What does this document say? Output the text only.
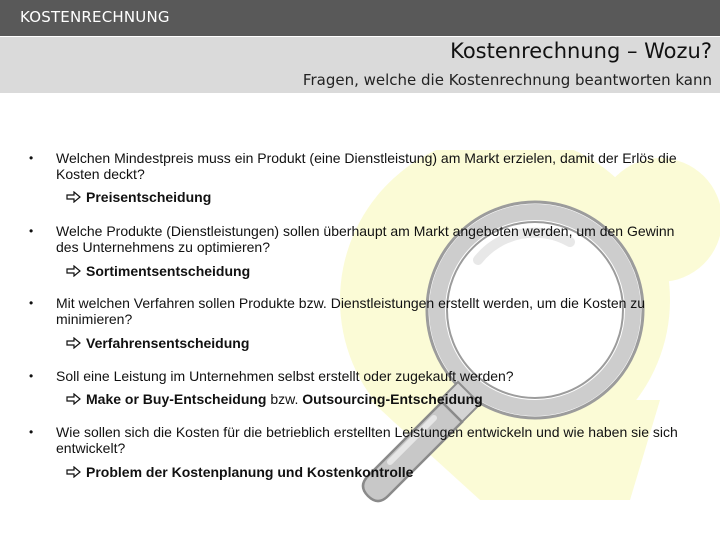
KOSTENRECHNUNG
Kostenrechnung – Wozu?
Fragen, welche die Kostenrechnung beantworten kann
• Welchen Mindestpreis muss ein Produkt (eine Dienstleistung) am Markt erzielen, damit der Erlös die Kosten deckt?
Preisentscheidung
• Welche Produkte (Dienstleistungen) sollen überhaupt am Markt angeboten werden, um den Gewinn des Unternehmens zu optimieren?
Sortimentsentscheidung
• Mit welchen Verfahren sollen Produkte bzw. Dienstleistungen erstellt werden, um die Kosten zu minimieren?
Verfahrensentscheidung
• Soll eine Leistung im Unternehmen selbst erstellt oder zugekauft werden?
Make or Buy-Entscheidung bzw. Outsourcing-Entscheidung
• Wie sollen sich die Kosten für die betrieblich erstellten Leistungen entwickeln und wie haben sie sich entwickelt?
Problem der Kostenplanung und Kostenkontrolle
